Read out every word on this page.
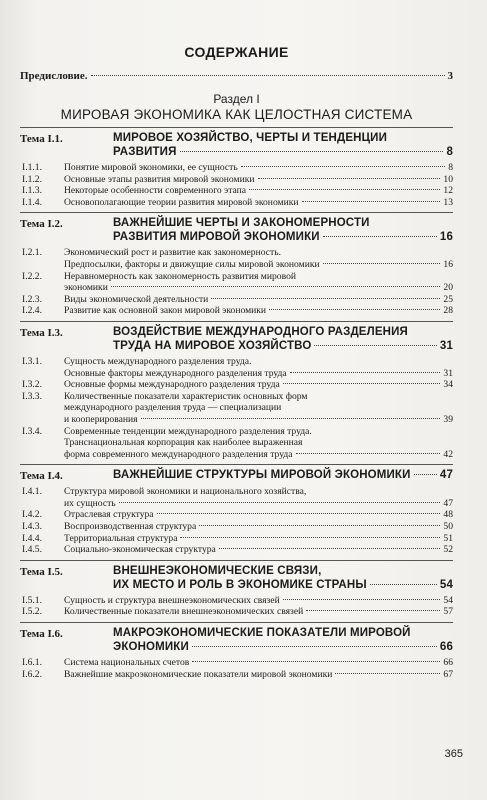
СОДЕРЖАНИЕ
Предисловие.	3
Раздел I
МИРОВАЯ ЭКОНОМИКА КАК ЦЕЛОСТНАЯ СИСТЕМА
Тема I.1.	МИРОВОЕ ХОЗЯЙСТВО, ЧЕРТЫ И ТЕНДЕНЦИИ
РАЗВИТИЯ	8
I.1.1.	Понятие мировой экономики, ее сущность	8
I.1.2.	Основные этапы развития мировой экономики	10
I.1.3.	Некоторые особенности современного этапа	12
I.1.4.	Основополагающие теории развития мировой экономики	13
Тема I.2.	ВАЖНЕЙШИЕ ЧЕРТЫ И ЗАКОНОМЕРНОСТИ
РАЗВИТИЯ МИРОВОЙ ЭКОНОМИКИ	16
I.2.1.	Экономический рост и развитие как закономерность.
Предпосылки, факторы и движущие силы мировой экономики	16
I.2.2.	Неравномерность как закономерность развития мировой
экономики	20
I.2.3.	Виды экономической деятельности	25
I.2.4.	Развитие как основной закон мировой экономики	28
Тема I.3.	ВОЗДЕЙСТВИЕ МЕЖДУНАРОДНОГО РАЗДЕЛЕНИЯ
ТРУДА НА МИРОВОЕ ХОЗЯЙСТВО	31
I.3.1.	Сущность международного разделения труда.
Основные факторы международного разделения труда	31
I.3.2.	Основные формы международного разделения труда	34
I.3.3.	Количественные показатели характеристик основных форм
международного разделения труда — специализации
и кооперирования	39
I.3.4.	Современные тенденции международного разделения труда.
Транснациональная корпорация как наиболее выраженная
форма современного международного разделения труда	42
Тема I.4.	ВАЖНЕЙШИЕ СТРУКТУРЫ МИРОВОЙ ЭКОНОМИКИ	47
I.4.1.	Структура мировой экономики и национального хозяйства,
их сущность	47
I.4.2.	Отраслевая структура	48
I.4.3.	Воспроизводственная структура	50
I.4.4.	Территориальная структура	51
I.4.5.	Социально-экономическая структура	52
Тема I.5.	ВНЕШНЕЭКОНОМИЧЕСКИЕ СВЯЗИ,
ИХ МЕСТО И РОЛЬ В ЭКОНОМИКЕ СТРАНЫ	54
I.5.1.	Сущность и структура внешнеэкономических связей	54
I.5.2.	Количественные показатели внешнеэкономических связей	57
Тема I.6.	МАКРОЭКОНОМИЧЕСКИЕ ПОКАЗАТЕЛИ МИРОВОЙ
ЭКОНОМИКИ	66
I.6.1.	Система национальных счетов	66
I.6.2.	Важнейшие макроэкономические показатели мировой экономики	67
365
